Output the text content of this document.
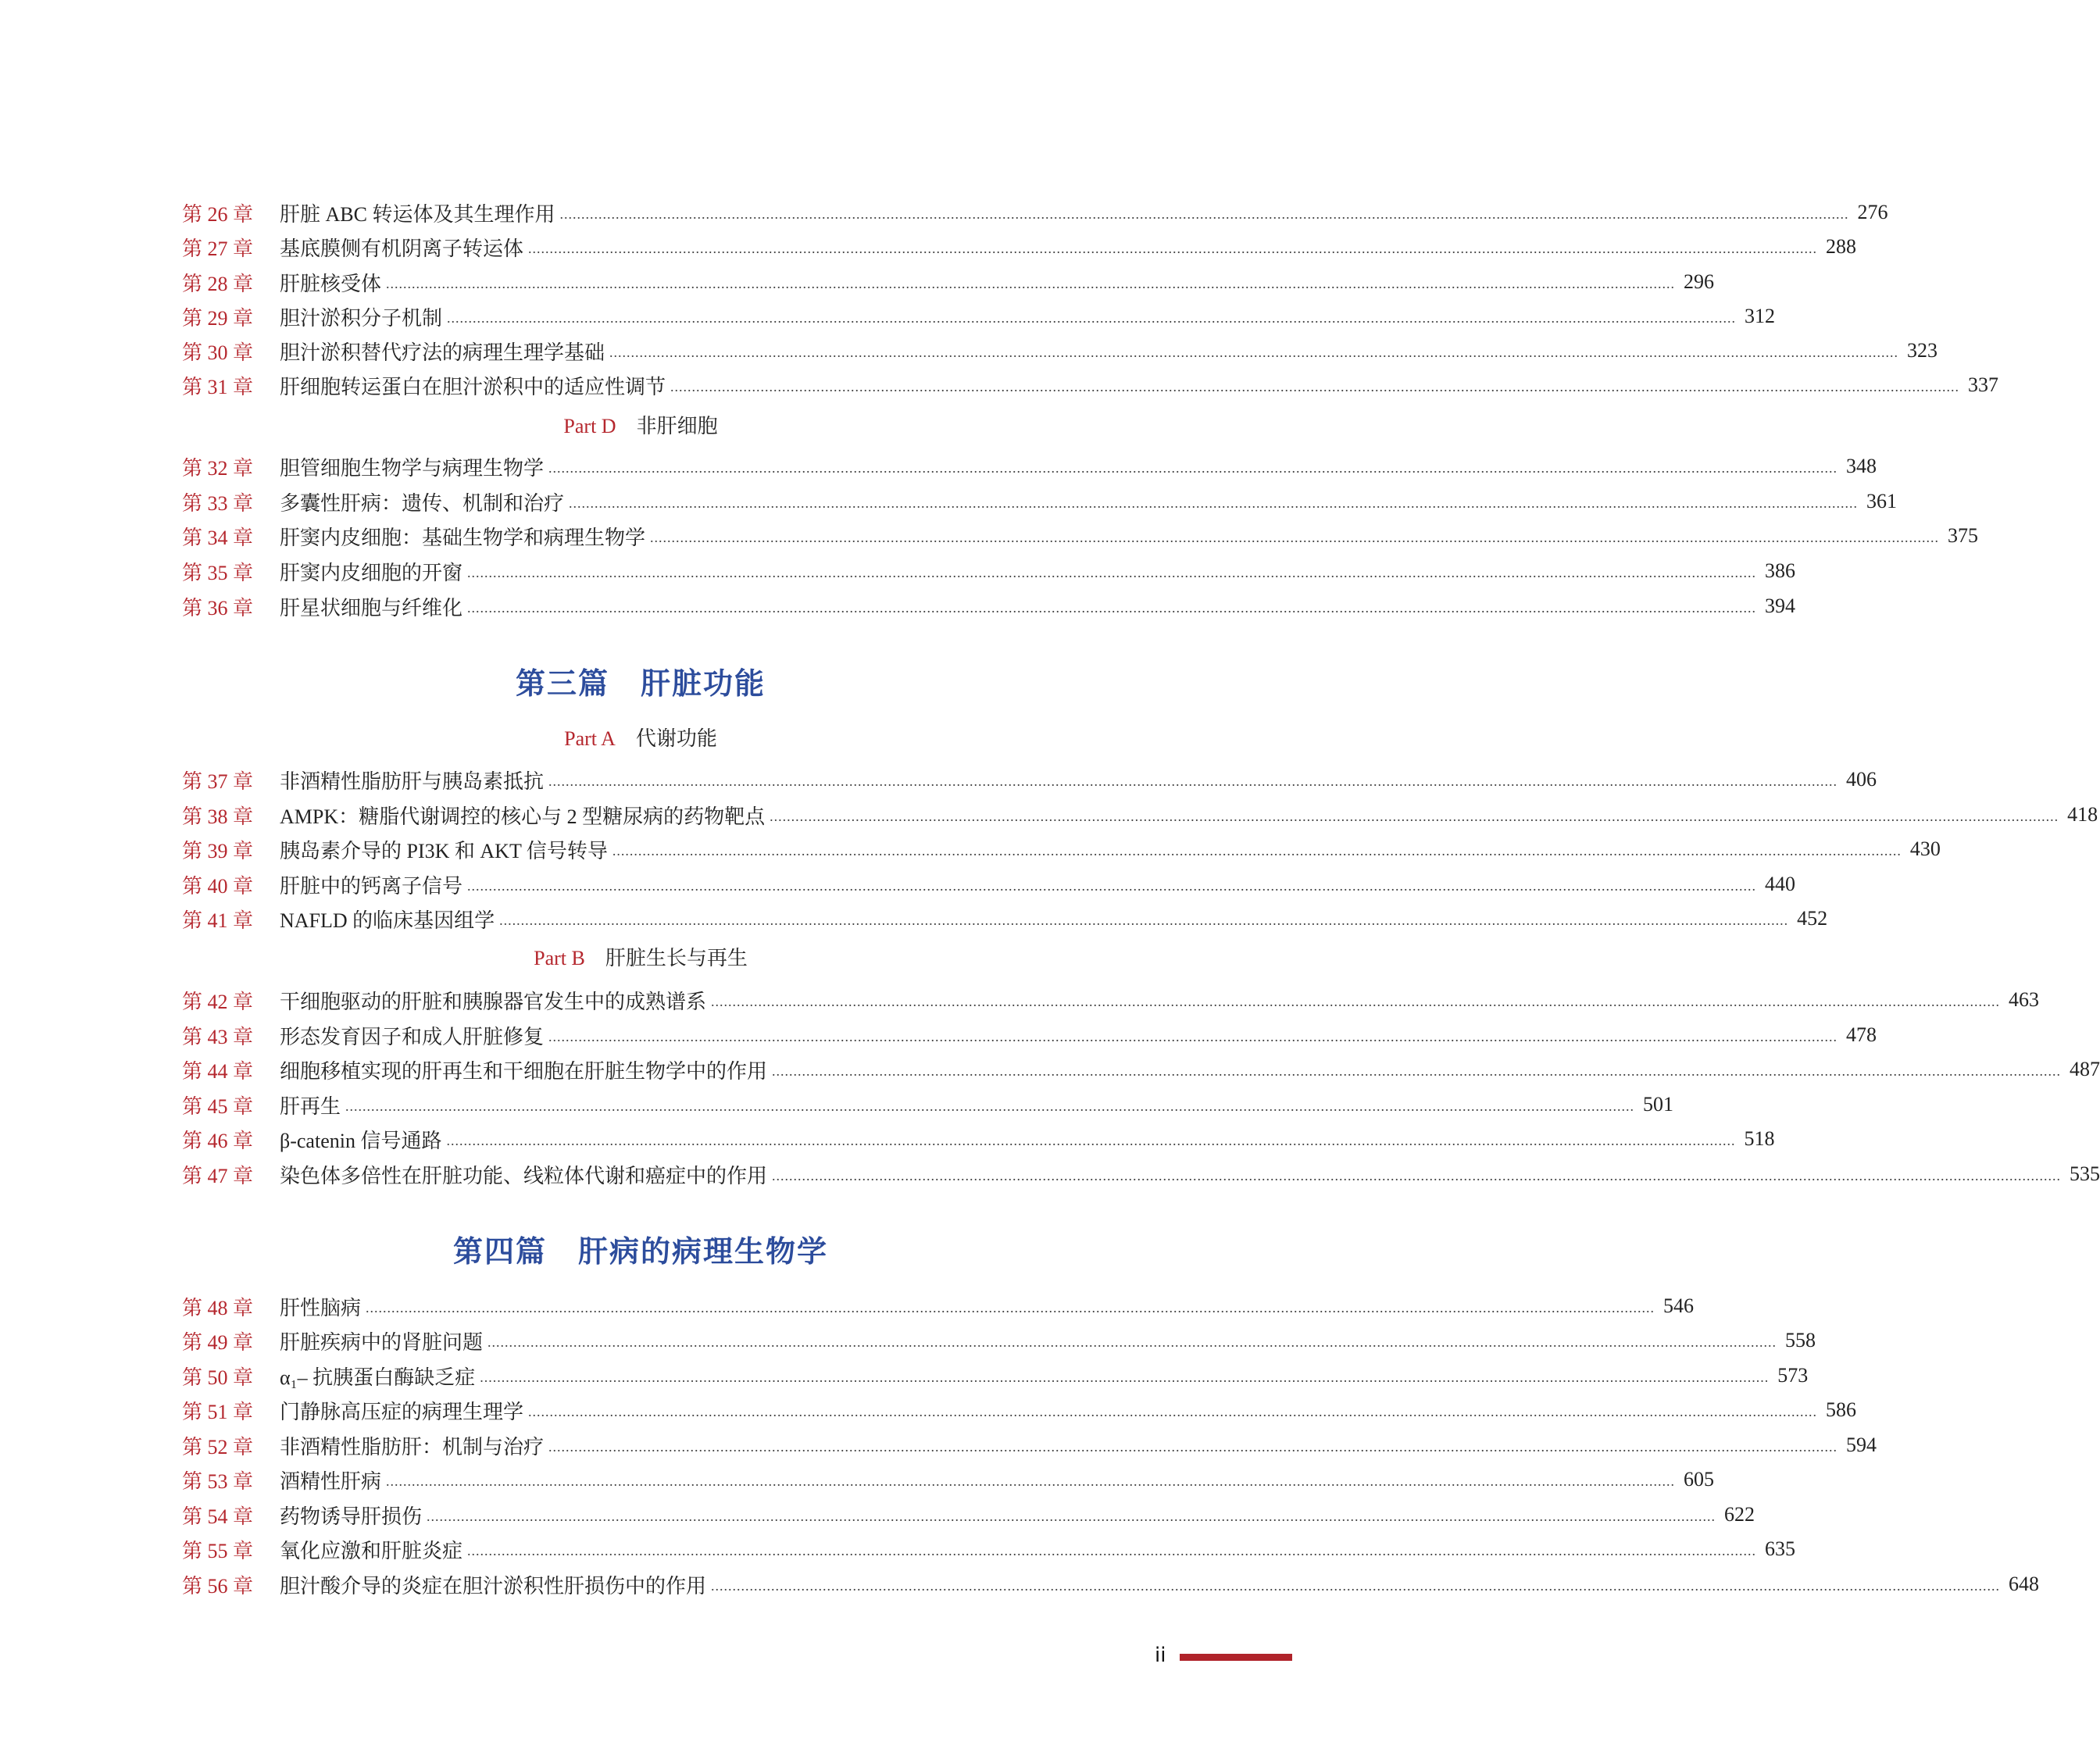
第 26 章	肝脏 ABC 转运体及其生理作用 ............................................................................................................................................................................................................................................................................................................ 276
第 27 章	基底膜侧有机阴离子转运体 ............................................................................................................................................................................................................................................................................................................ 288
第 28 章	肝脏核受体 ............................................................................................................................................................................................................................................................................................................ 296
第 29 章	胆汁淤积分子机制 ............................................................................................................................................................................................................................................................................................................ 312
第 30 章	胆汁淤积替代疗法的病理生理学基础 ............................................................................................................................................................................................................................................................................................................ 323
第 31 章	肝细胞转运蛋白在胆汁淤积中的适应性调节 ............................................................................................................................................................................................................................................................................................................ 337
Part D 非肝细胞
第 32 章	胆管细胞生物学与病理生物学 ............................................................................................................................................................................................................................................................................................................ 348
第 33 章	多囊性肝病：遗传、机制和治疗 ............................................................................................................................................................................................................................................................................................................ 361
第 34 章	肝窦内皮细胞：基础生物学和病理生物学 ............................................................................................................................................................................................................................................................................................................ 375
第 35 章	肝窦内皮细胞的开窗 ............................................................................................................................................................................................................................................................................................................ 386
第 36 章	肝星状细胞与纤维化 ............................................................................................................................................................................................................................................................................................................ 394
第三篇 肝脏功能
Part A 代谢功能
第 37 章	非酒精性脂肪肝与胰岛素抵抗 ............................................................................................................................................................................................................................................................................................................ 406
第 38 章	AMPK：糖脂代谢调控的核心与 2 型糖尿病的药物靶点 ............................................................................................................................................................................................................................................................................................................ 418
第 39 章	胰岛素介导的 PI3K 和 AKT 信号转导 ............................................................................................................................................................................................................................................................................................................ 430
第 40 章	肝脏中的钙离子信号 ............................................................................................................................................................................................................................................................................................................ 440
第 41 章	NAFLD 的临床基因组学 ............................................................................................................................................................................................................................................................................................................ 452
Part B 肝脏生长与再生
第 42 章	干细胞驱动的肝脏和胰腺器官发生中的成熟谱系 ............................................................................................................................................................................................................................................................................................................ 463
第 43 章	形态发育因子和成人肝脏修复 ............................................................................................................................................................................................................................................................................................................ 478
第 44 章	细胞移植实现的肝再生和干细胞在肝脏生物学中的作用 ............................................................................................................................................................................................................................................................................................................ 487
第 45 章	肝再生 ............................................................................................................................................................................................................................................................................................................ 501
第 46 章	β-catenin 信号通路 ............................................................................................................................................................................................................................................................................................................ 518
第 47 章	染色体多倍性在肝脏功能、线粒体代谢和癌症中的作用 ............................................................................................................................................................................................................................................................................................................ 535
第四篇 肝病的病理生物学
第 48 章	肝性脑病 ............................................................................................................................................................................................................................................................................................................ 546
第 49 章	肝脏疾病中的肾脏问题 ............................................................................................................................................................................................................................................................................................................ 558
第 50 章	α₁– 抗胰蛋白酶缺乏症 ............................................................................................................................................................................................................................................................................................................ 573
第 51 章	门静脉高压症的病理生理学 ............................................................................................................................................................................................................................................................................................................ 586
第 52 章	非酒精性脂肪肝：机制与治疗 ............................................................................................................................................................................................................................................................................................................ 594
第 53 章	酒精性肝病 ............................................................................................................................................................................................................................................................................................................ 605
第 54 章	药物诱导肝损伤 ............................................................................................................................................................................................................................................................................................................ 622
第 55 章	氧化应激和肝脏炎症 ............................................................................................................................................................................................................................................................................................................ 635
第 56 章	胆汁酸介导的炎症在胆汁淤积性肝损伤中的作用 ............................................................................................................................................................................................................................................................................................................ 648
ii
